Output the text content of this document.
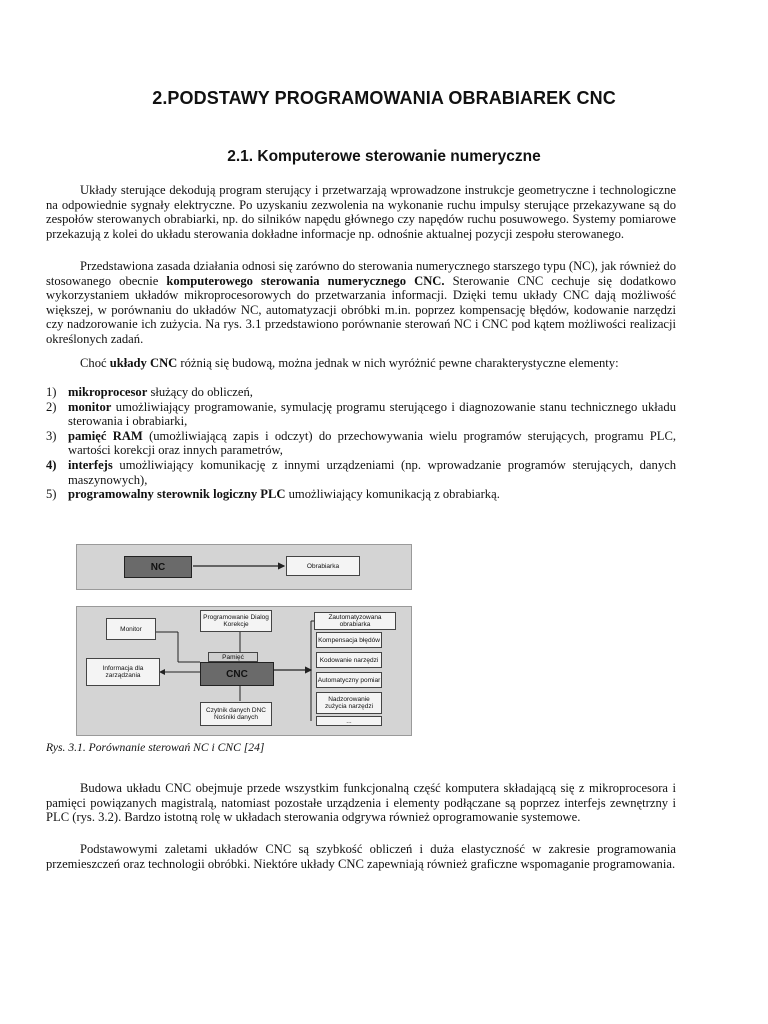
2.PODSTAWY PROGRAMOWANIA OBRABIAREK CNC
2.1. Komputerowe sterowanie numeryczne

Układy sterujące dekodują program sterujący i przetwarzają wprowadzone instrukcje geometryczne i technologiczne na odpowiednie sygnały elektryczne. Po uzyskaniu zezwolenia na wykonanie ruchu impulsy sterujące przekazywane są do zespołów sterowanych obrabiarki, np. do silników napędu głównego czy napędów ruchu posuwowego. Systemy pomiarowe przekazują z kolei do układu sterowania dokładne informacje np. odnośnie aktualnej pozycji zespołu sterowanego.

Przedstawiona zasada działania odnosi się zarówno do sterowania numerycznego starszego typu (NC), jak również do stosowanego obecnie komputerowego sterowania numerycznego CNC. Sterowanie CNC cechuje się dodatkowo wykorzystaniem układów mikroprocesorowych do przetwarzania informacji. Dzięki temu układy CNC dają możliwość większej, w porównaniu do układów NC, automatyzacji obróbki m.in. poprzez kompensację błędów, kodowanie narzędzi czy nadzorowanie ich zużycia. Na rys. 3.1 przedstawiono porównanie sterowań NC i CNC pod kątem możliwości realizacji określonych zadań.

Choć układy CNC różnią się budową, można jednak w nich wyróżnić pewne charakterystyczne elementy:

1) mikroprocesor służący do obliczeń,
2) monitor umożliwiający programowanie, symulację programu sterującego i diagnozowanie stanu technicznego układu sterowania i obrabiarki,
3) pamięć RAM (umożliwiającą zapis i odczyt) do przechowywania wielu programów sterujących, programu PLC, wartości korekcji oraz innych parametrów,
4) interfejs umożliwiający komunikację z innymi urządzeniami (np. wprowadzanie programów sterujących, danych maszynowych),
5) programowalny sterownik logiczny PLC umożliwiający komunikacją z obrabiarką.
NC	Obrabiarka
Monitor
Programowanie Dialog Korekcje
Informacja dla zarządzania
Pamięć
CNC
Czytnik danych DNC Nośniki danych
Zautomatyzowana obrabiarka
Kompensacja błędów
Kodowanie narzędzi
Automatyczny pomiar
Nadzorowanie zużycia narzędzi
...
Rys. 3.1. Porównanie sterowań NC i CNC [24]

Budowa układu CNC obejmuje przede wszystkim funkcjonalną część komputera składającą się z mikroprocesora i pamięci powiązanych magistralą, natomiast pozostałe urządzenia i elementy podłączane są poprzez interfejs zewnętrzny i PLC (rys. 3.2). Bardzo istotną rolę w układach sterowania odgrywa również oprogramowanie systemowe.

Podstawowymi zaletami układów CNC są szybkość obliczeń i duża elastyczność w zakresie programowania przemieszczeń oraz technologii obróbki. Niektóre układy CNC zapewniają również graficzne wspomaganie programowania.
